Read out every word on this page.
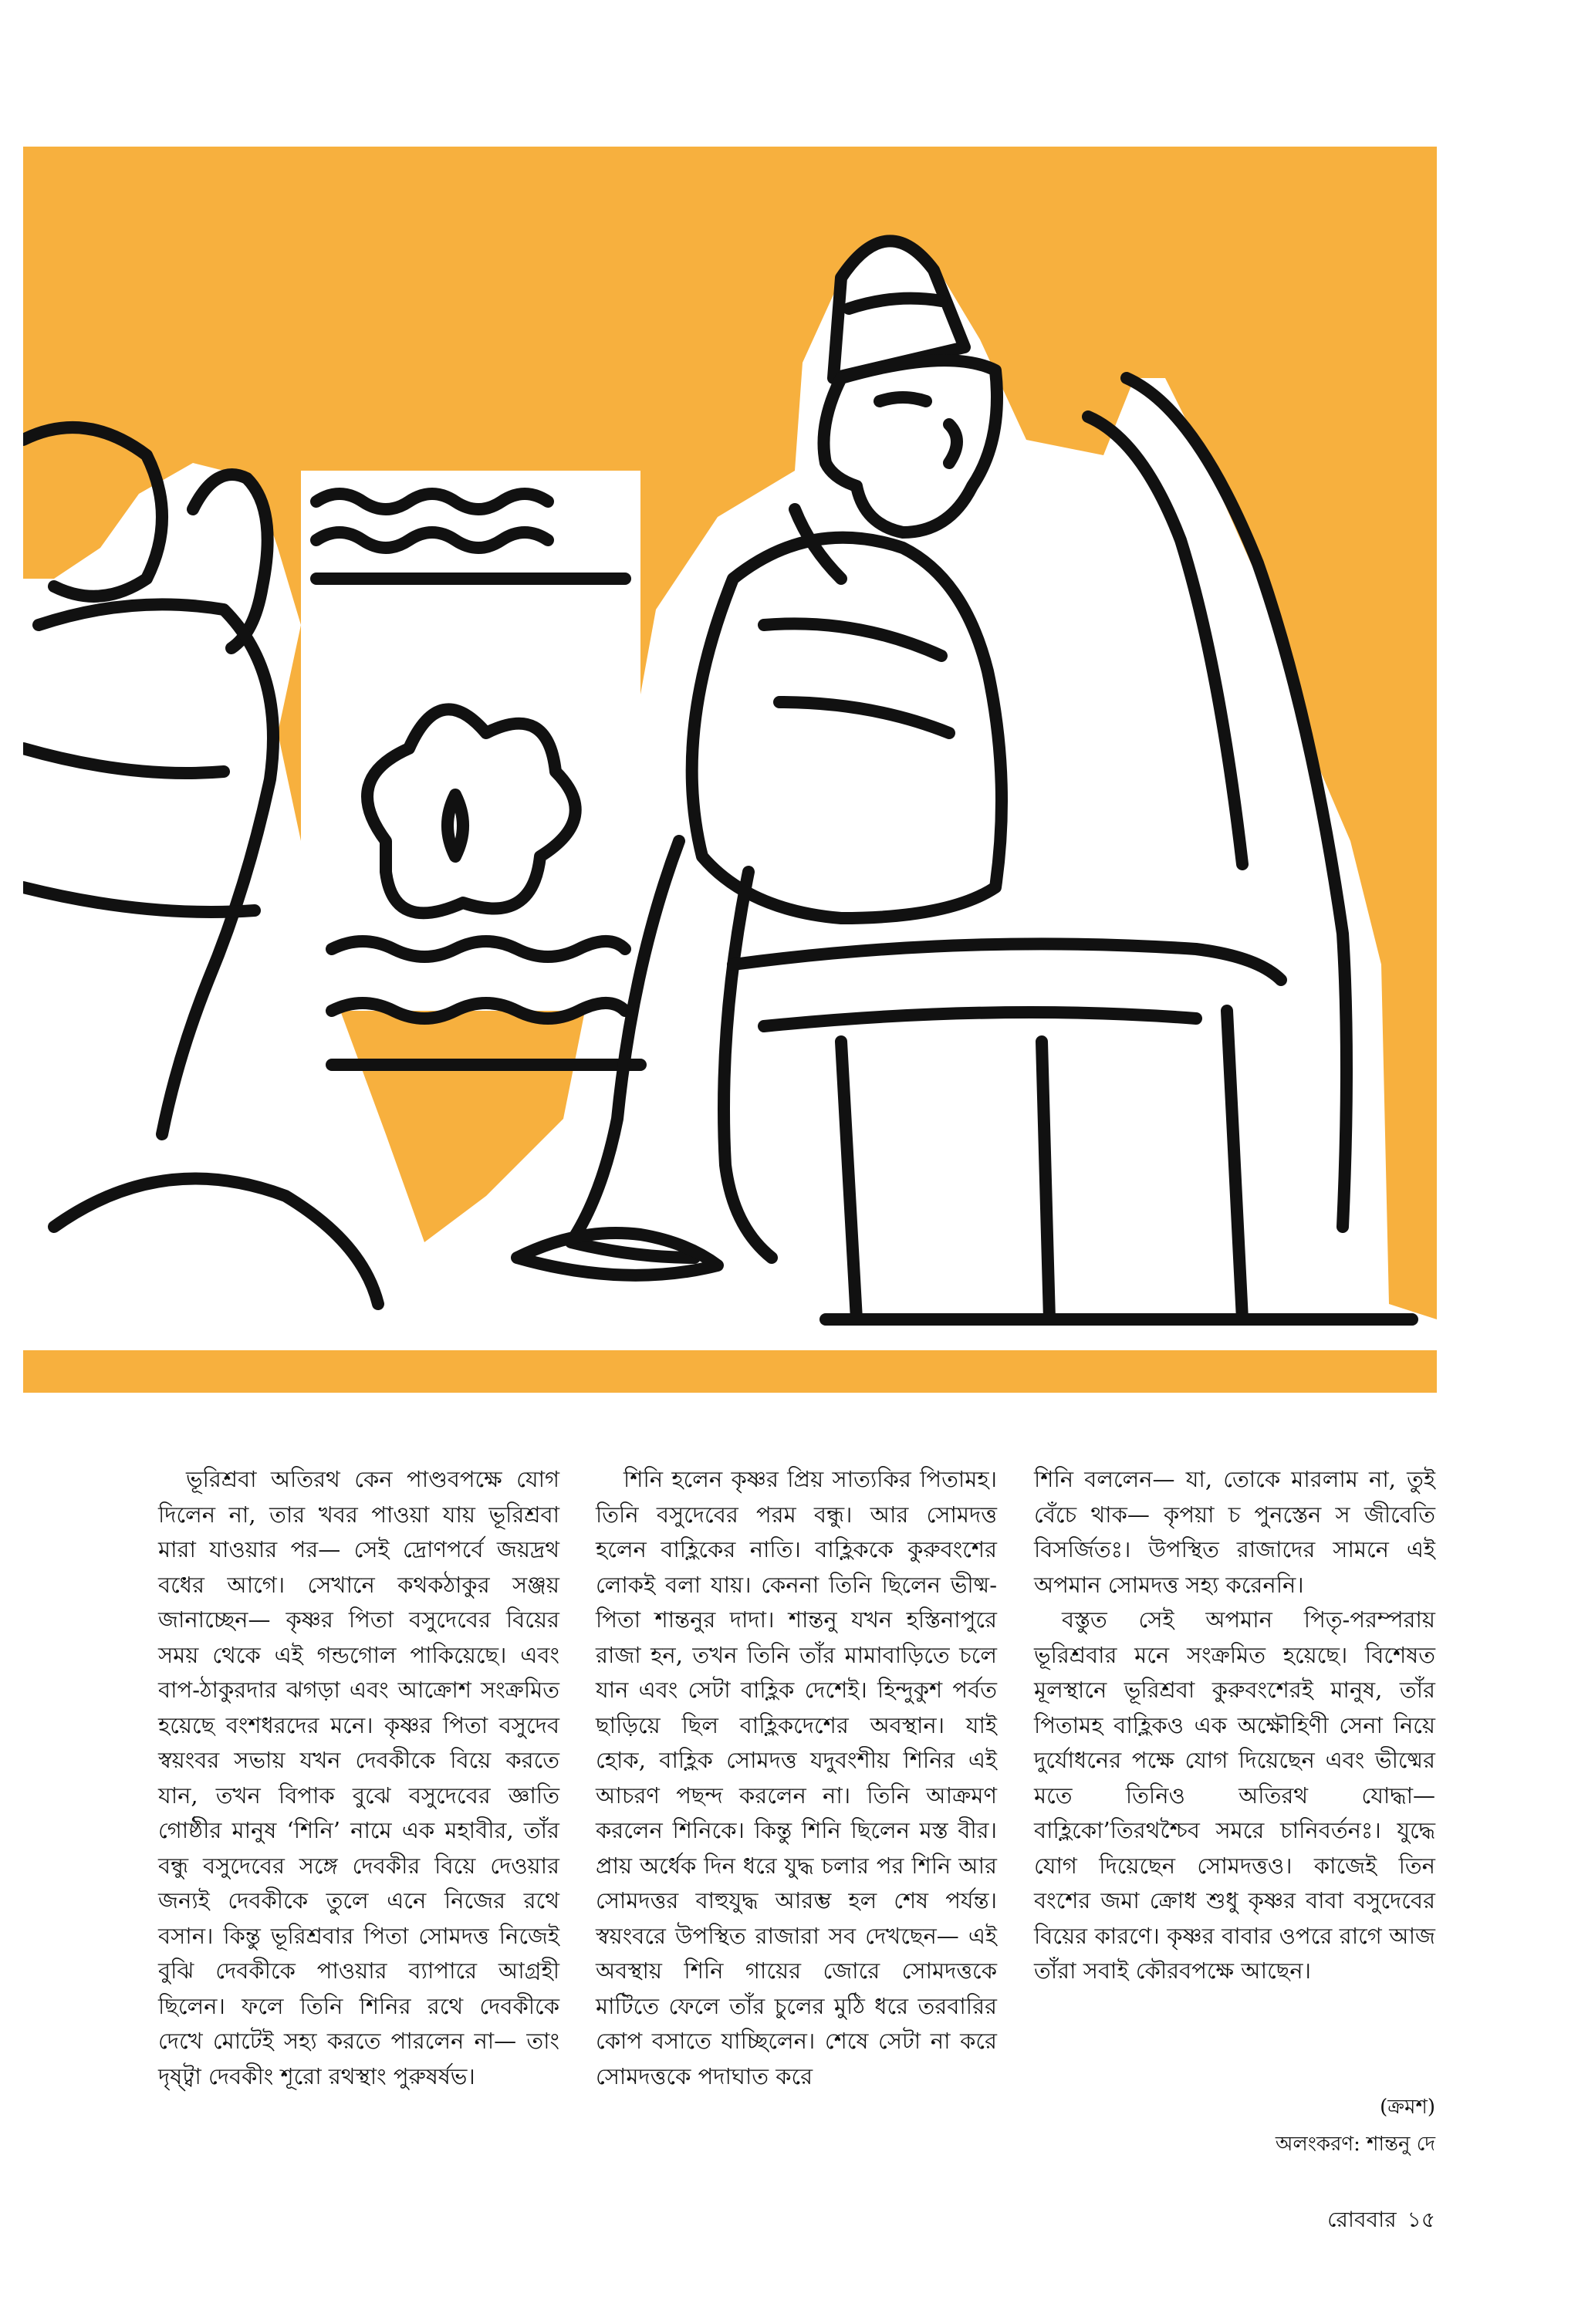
ভূরিশ্রবা অতিরথ কেন পাণ্ডবপক্ষে যোগ দিলেন না, তার খবর পাওয়া যায় ভূরিশ্রবা মারা যাওয়ার পর— সেই দ্রোণপর্বে জয়দ্রথ বধের আগে। সেখানে কথকঠাকুর সঞ্জয় জানাচ্ছেন— কৃষ্ণর পিতা বসুদেবের বিয়ের সময় থেকে এই গন্ডগোল পাকিয়েছে। এবং বাপ-ঠাকুরদার ঝগড়া এবং আক্রোশ সংক্রমিত হয়েছে বংশধরদের মনে। কৃষ্ণর পিতা বসুদেব স্বয়ংবর সভায় যখন দেবকীকে বিয়ে করতে যান, তখন বিপাক বুঝে বসুদেবের জ্ঞাতি গোষ্ঠীর মানুষ ‘শিনি’ নামে এক মহাবীর, তাঁর বন্ধু বসুদেবের সঙ্গে দেবকীর বিয়ে দেওয়ার জন্যই দেবকীকে তুলে এনে নিজের রথে বসান। কিন্তু ভূরিশ্রবার পিতা সোমদত্ত নিজেই বুঝি দেবকীকে পাওয়ার ব্যাপারে আগ্রহী ছিলেন। ফলে তিনি শিনির রথে দেবকীকে দেখে মোটেই সহ্য করতে পারলেন না— তাং দৃষ্ট্বা দেবকীং শূরো রথস্থাং পুরুষর্ষভ।

শিনি হলেন কৃষ্ণর প্রিয় সাত্যকির পিতামহ। তিনি বসুদেবের পরম বন্ধু। আর সোমদত্ত হলেন বাহ্লিকের নাতি। বাহ্লিককে কুরুবংশের লোকই বলা যায়। কেননা তিনি ছিলেন ভীষ্ম-পিতা শান্তনুর দাদা। শান্তনু যখন হস্তিনাপুরে রাজা হন, তখন তিনি তাঁর মামাবাড়িতে চলে যান এবং সেটা বাহ্লিক দেশেই। হিন্দুকুশ পর্বত ছাড়িয়ে ছিল বাহ্লিকদেশের অবস্থান। যাই হোক, বাহ্লিক সোমদত্ত যদুবংশীয় শিনির এই আচরণ পছন্দ করলেন না। তিনি আক্রমণ করলেন শিনিকে। কিন্তু শিনি ছিলেন মস্ত বীর। প্রায় অর্ধেক দিন ধরে যুদ্ধ চলার পর শিনি আর সোমদত্তর বাহুযুদ্ধ আরম্ভ হল শেষ পর্যন্ত। স্বয়ংবরে উপস্থিত রাজারা সব দেখছেন— এই অবস্থায় শিনি গায়ের জোরে সোমদত্তকে মাটিতে ফেলে তাঁর চুলের মুঠি ধরে তরবারির কোপ বসাতে যাচ্ছিলেন। শেষে সেটা না করে সোমদত্তকে পদাঘাত করে

শিনি বললেন— যা, তোকে মারলাম না, তুই বেঁচে থাক— কৃপয়া চ পুনস্তেন স জীবেতি বিসর্জিতঃ। উপস্থিত রাজাদের সামনে এই অপমান সোমদত্ত সহ্য করেননি।

বস্তুত সেই অপমান পিতৃ-পরম্পরায় ভূরিশ্রবার মনে সংক্রমিত হয়েছে। বিশেষত মূলস্থানে ভূরিশ্রবা কুরুবংশেরই মানুষ, তাঁর পিতামহ বাহ্লিকও এক অক্ষৌহিণী সেনা নিয়ে দুর্যোধনের পক্ষে যোগ দিয়েছেন এবং ভীষ্মের মতে তিনিও অতিরথ যোদ্ধা— বাহ্লিকো’তিরথশ্চৈব সমরে চানিবর্তনঃ। যুদ্ধে যোগ দিয়েছেন সোমদত্তও। কাজেই তিন বংশের জমা ক্রোধ শুধু কৃষ্ণর বাবা বসুদেবের বিয়ের কারণে। কৃষ্ণর বাবার ওপরে রাগে আজ তাঁরা সবাই কৌরবপক্ষে আছেন।

(ক্রমশ)
অলংকরণ: শান্তনু দে
রোববার ১৫
